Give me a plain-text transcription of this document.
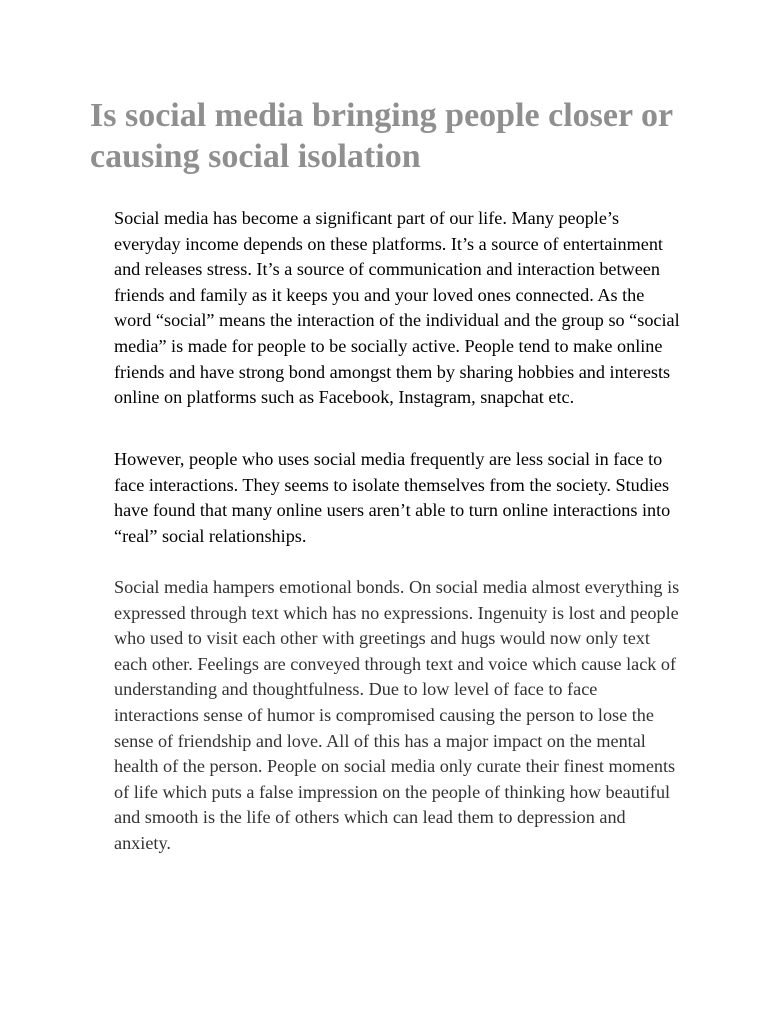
Is social media bringing people closer or causing social isolation

Social media has become a significant part of our life. Many people’s everyday income depends on these platforms. It’s a source of entertainment and releases stress. It’s a source of communication and interaction between friends and family as it keeps you and your loved ones connected. As the word “social” means the interaction of the individual and the group so “social media” is made for people to be socially active. People tend to make online friends and have strong bond amongst them by sharing hobbies and interests online on platforms such as Facebook, Instagram, snapchat etc.

However, people who uses social media frequently are less social in face to face interactions. They seems to isolate themselves from the society. Studies have found that many online users aren’t able to turn online interactions into “real” social relationships.

Social media hampers emotional bonds. On social media almost everything is expressed through text which has no expressions. Ingenuity is lost and people who used to visit each other with greetings and hugs would now only text each other. Feelings are conveyed through text and voice which cause lack of understanding and thoughtfulness. Due to low level of face to face interactions sense of humor is compromised causing the person to lose the sense of friendship and love. All of this has a major impact on the mental health of the person. People on social media only curate their finest moments of life which puts a false impression on the people of thinking how beautiful and smooth is the life of others which can lead them to depression and anxiety.
